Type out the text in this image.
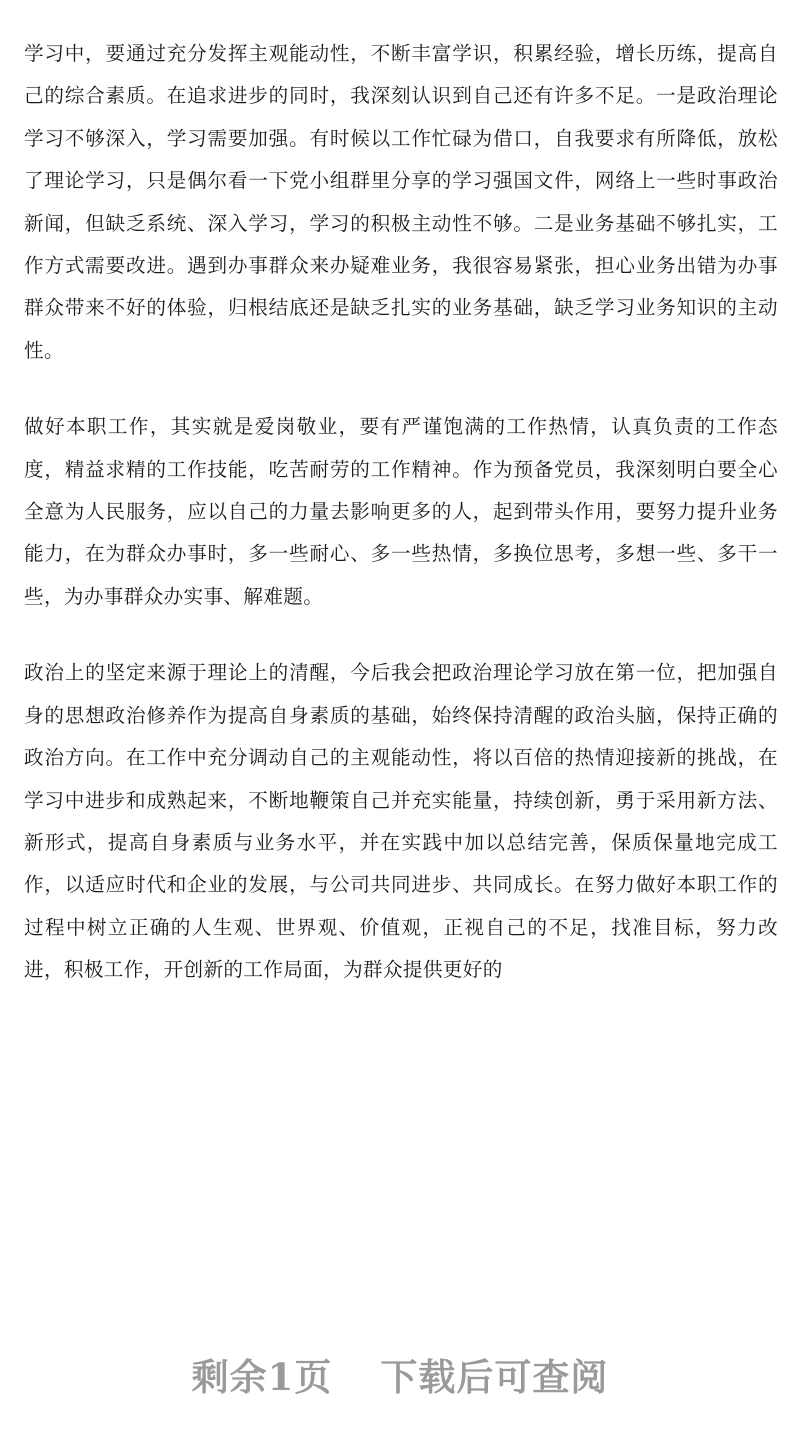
学习中，要通过充分发挥主观能动性，不断丰富学识，积累经验，增长历练，提高自己的综合素质。在追求进步的同时，我深刻认识到自己还有许多不足。一是政治理论学习不够深入，学习需要加强。有时候以工作忙碌为借口，自我要求有所降低，放松了理论学习，只是偶尔看一下党小组群里分享的学习强国文件，网络上一些时事政治新闻，但缺乏系统、深入学习，学习的积极主动性不够。二是业务基础不够扎实，工作方式需要改进。遇到办事群众来办疑难业务，我很容易紧张，担心业务出错为办事群众带来不好的体验，归根结底还是缺乏扎实的业务基础，缺乏学习业务知识的主动性。

做好本职工作，其实就是爱岗敬业，要有严谨饱满的工作热情，认真负责的工作态度，精益求精的工作技能，吃苦耐劳的工作精神。作为预备党员，我深刻明白要全心全意为人民服务，应以自己的力量去影响更多的人，起到带头作用，要努力提升业务能力，在为群众办事时，多一些耐心、多一些热情，多换位思考，多想一些、多干一些，为办事群众办实事、解难题。

政治上的坚定来源于理论上的清醒，今后我会把政治理论学习放在第一位，把加强自身的思想政治修养作为提高自身素质的基础，始终保持清醒的政治头脑，保持正确的政治方向。在工作中充分调动自己的主观能动性，将以百倍的热情迎接新的挑战，在学习中进步和成熟起来，不断地鞭策自己并充实能量，持续创新，勇于采用新方法、新形式，提高自身素质与业务水平，并在实践中加以总结完善，保质保量地完成工作，以适应时代和企业的发展，与公司共同进步、共同成长。在努力做好本职工作的过程中树立正确的人生观、世界观、价值观，正视自己的不足，找准目标，努力改进，积极工作，开创新的工作局面，为群众提供更好的

剩余1页 下载后可查阅
